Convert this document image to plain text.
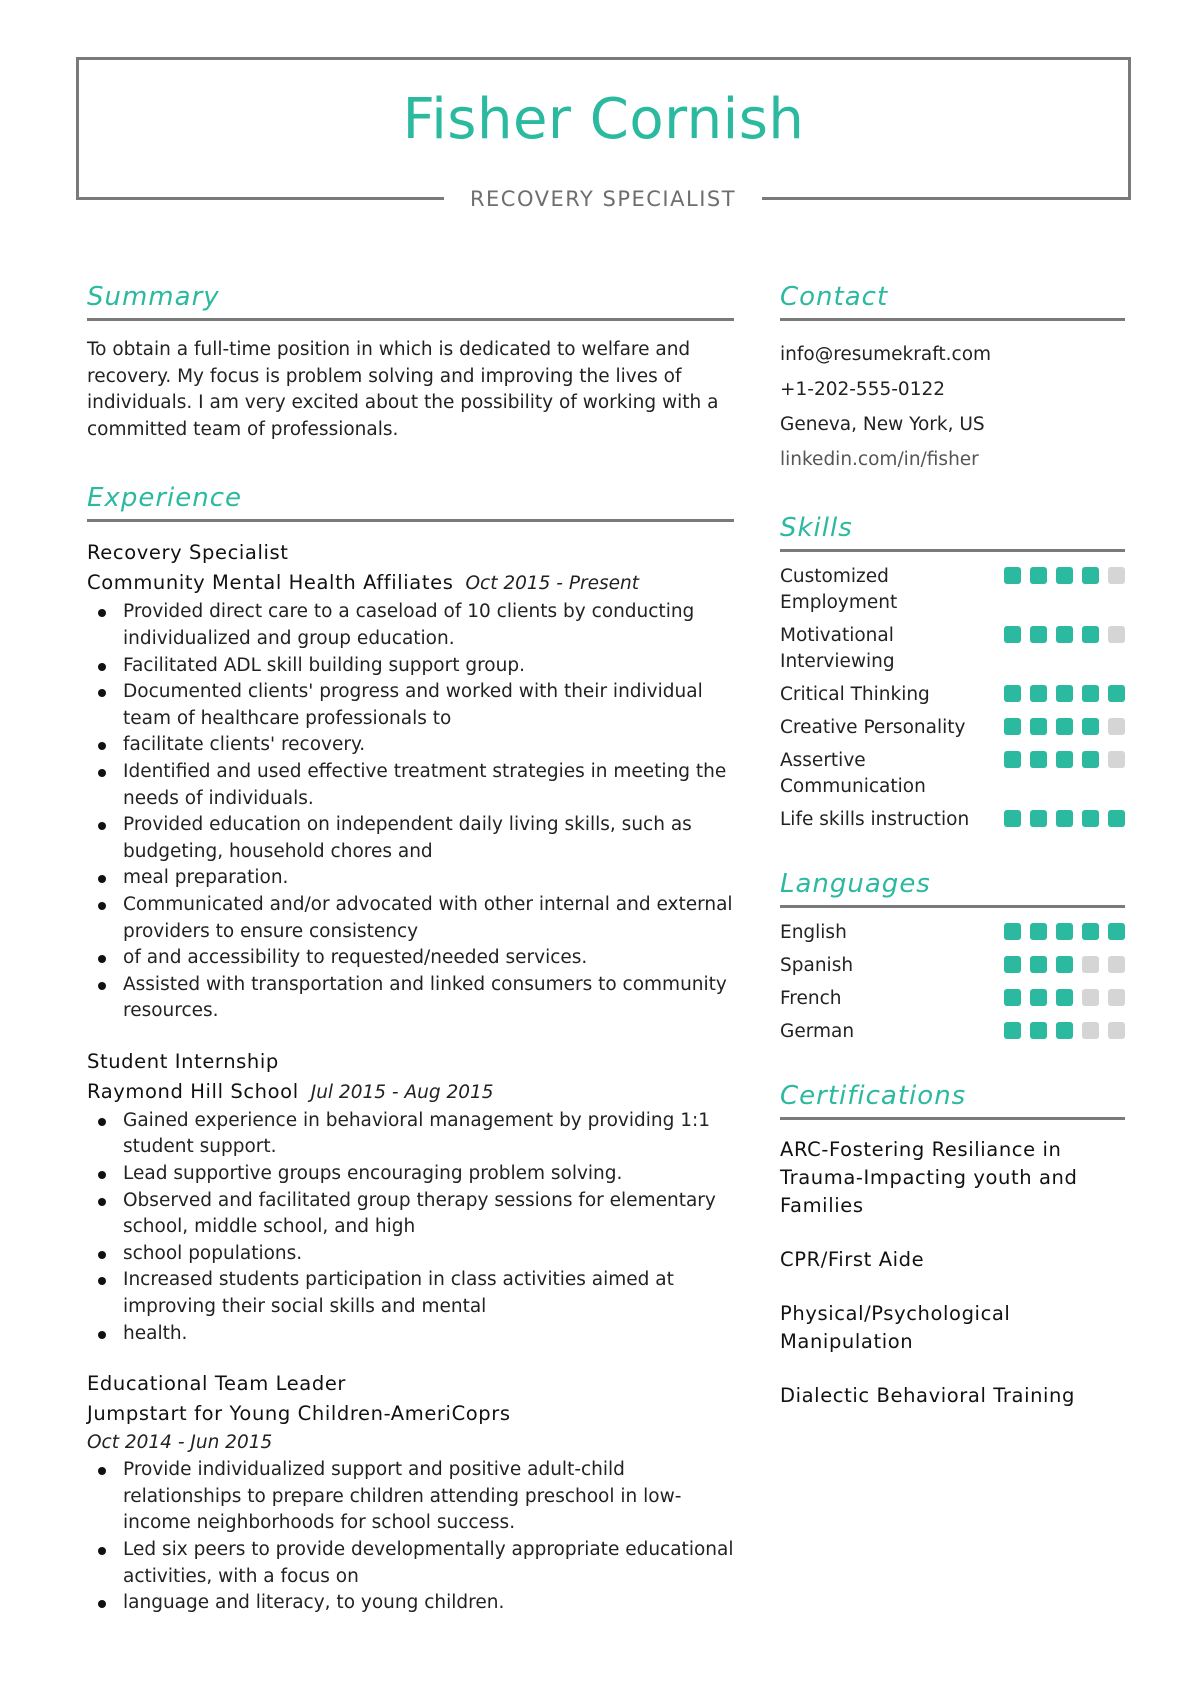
Fisher Cornish
RECOVERY SPECIALIST
Summary
To obtain a full-time position in which is dedicated to welfare and recovery. My focus is problem solving and improving the lives of individuals. I am very excited about the possibility of working with a committed team of professionals.
Experience
Recovery Specialist
Community Mental Health Affiliates Oct 2015 - Present
Provided direct care to a caseload of 10 clients by conducting individualized and group education.
Facilitated ADL skill building support group.
Documented clients' progress and worked with their individual team of healthcare professionals to
facilitate clients' recovery.
Identified and used effective treatment strategies in meeting the needs of individuals.
Provided education on independent daily living skills, such as budgeting, household chores and
meal preparation.
Communicated and/or advocated with other internal and external providers to ensure consistency
of and accessibility to requested/needed services.
Assisted with transportation and linked consumers to community resources.
Student Internship
Raymond Hill School Jul 2015 - Aug 2015
Gained experience in behavioral management by providing 1:1 student support.
Lead supportive groups encouraging problem solving.
Observed and facilitated group therapy sessions for elementary school, middle school, and high
school populations.
Increased students participation in class activities aimed at improving their social skills and mental
health.
Educational Team Leader
Jumpstart for Young Children-AmeriCoprs
Oct 2014 - Jun 2015
Provide individualized support and positive adult-child relationships to prepare children attending preschool in low-income neighborhoods for school success.
Led six peers to provide developmentally appropriate educational activities, with a focus on
language and literacy, to young children.
Contact
info@resumekraft.com
+1-202-555-0122
Geneva, New York, US
linkedin.com/in/fisher
Skills
Customized Employment
Motivational Interviewing
Critical Thinking
Creative Personality
Assertive Communication
Life skills instruction
Languages
English
Spanish
French
German
Certifications
ARC-Fostering Resiliance in Trauma-Impacting youth and Families
CPR/First Aide
Physical/Psychological Manipulation
Dialectic Behavioral Training
